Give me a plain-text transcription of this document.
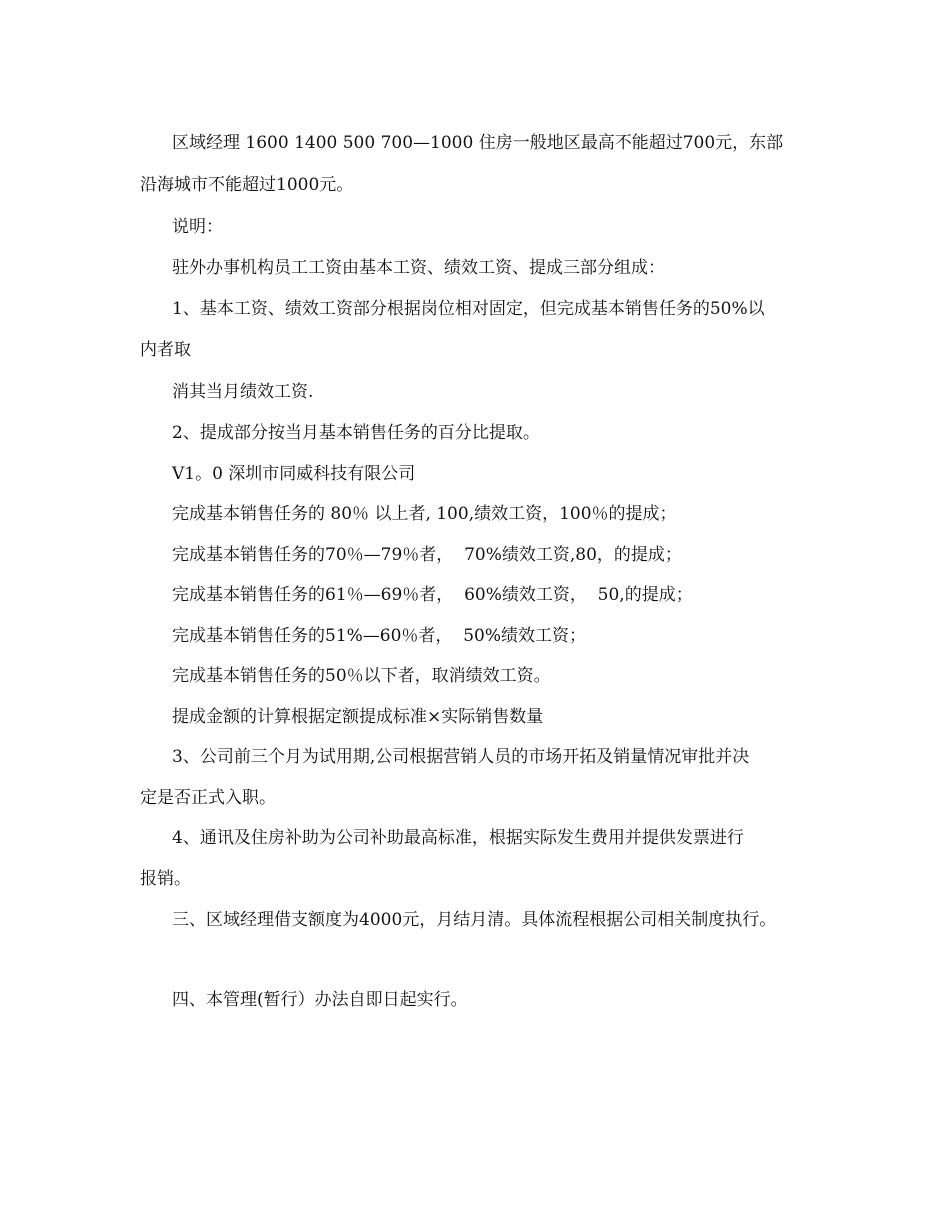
区域经理 1600 1400 500 700—1000 住房一般地区最高不能超过700元，东部
沿海城市不能超过1000元。
说明：
驻外办事机构员工工资由基本工资、绩效工资、提成三部分组成：
1、基本工资、绩效工资部分根据岗位相对固定，但完成基本销售任务的50%以
内者取
消其当月绩效工资.
2、提成部分按当月基本销售任务的百分比提取。
V1。0 深圳市同威科技有限公司
完成基本销售任务的 80％ 以上者, 100,绩效工资，100％的提成；
完成基本销售任务的70％—79％者，  70%绩效工资,80，的提成；
完成基本销售任务的61％—69％者，  60%绩效工资，  50,的提成；
完成基本销售任务的51%—60％者，  50%绩效工资；
完成基本销售任务的50％以下者，取消绩效工资。
提成金额的计算根据定额提成标准×实际销售数量
3、公司前三个月为试用期,公司根据营销人员的市场开拓及销量情况审批并决
定是否正式入职。
4、通讯及住房补助为公司补助最高标准，根据实际发生费用并提供发票进行
报销。
三、区域经理借支额度为4000元，月结月清。具体流程根据公司相关制度执行。
四、本管理(暂行）办法自即日起实行。
